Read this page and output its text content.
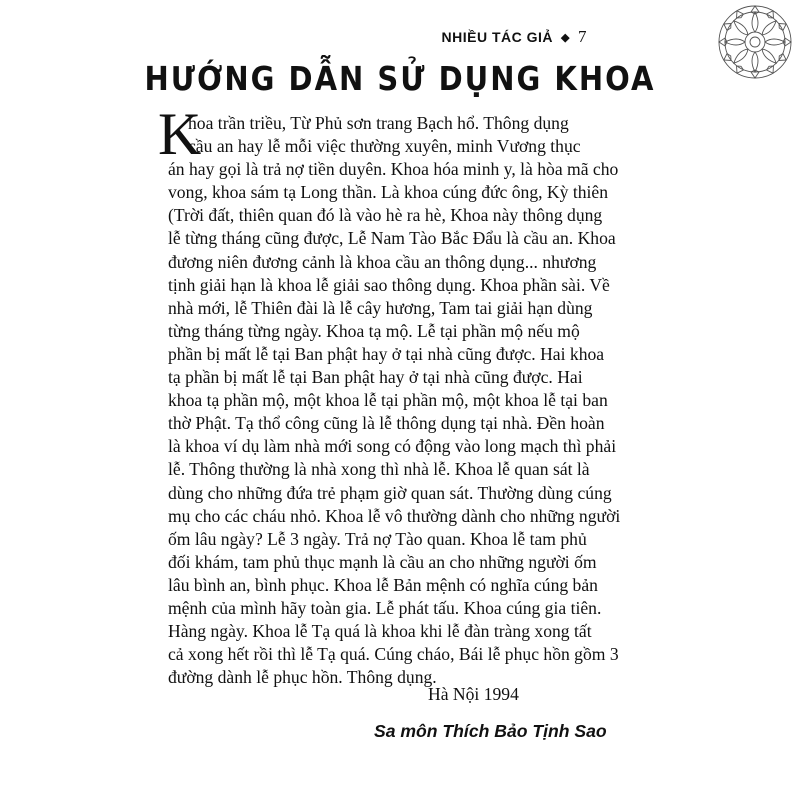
NHIỀU TÁC GIẢ ◆ 7
HƯỚNG DẪN SỬ DỤNG KHOA
K
hoa trần triều, Từ Phủ sơn trang Bạch hổ. Thông dụng
cầu an hay lễ mỗi việc thường xuyên, minh Vương thục
án hay gọi là trả nợ tiền duyên. Khoa hóa minh y, là hòa mã cho
vong, khoa sám tạ Long thần. Là khoa cúng đức ông, Kỳ thiên
(Trời đất, thiên quan đó là vào hè ra hè, Khoa này thông dụng
lễ từng tháng cũng được, Lễ Nam Tào Bắc Đẩu là cầu an. Khoa
đương niên đương cảnh là khoa cầu an thông dụng... nhương
tịnh giải hạn là khoa lễ giải sao thông dụng. Khoa phần sài. Về
nhà mới, lễ Thiên đài là lễ cây hương, Tam tai giải hạn dùng
từng tháng từng ngày. Khoa tạ mộ. Lễ tại phần mộ nếu mộ
phần bị mất lễ tại Ban phật hay ở tại nhà cũng được. Hai khoa
tạ phần bị mất lễ tại Ban phật hay ở tại nhà cũng được. Hai
khoa tạ phần mộ, một khoa lễ tại phần mộ, một khoa lễ tại ban
thờ Phật. Tạ thổ công cũng là lễ thông dụng tại nhà. Đền hoàn
là khoa ví dụ làm nhà mới song có động vào long mạch thì phải
lễ. Thông thường là nhà xong thì nhà lễ. Khoa lễ quan sát là
dùng cho những đứa trẻ phạm giờ quan sát. Thường dùng cúng
mụ cho các cháu nhỏ. Khoa lễ vô thường dành cho những người
ốm lâu ngày? Lễ 3 ngày. Trả nợ Tào quan. Khoa lễ tam phủ
đối khám, tam phủ thục mạnh là cầu an cho những người ốm
lâu bình an, bình phục. Khoa lễ Bản mệnh có nghĩa cúng bản
mệnh của mình hãy toàn gia. Lễ phát tấu. Khoa cúng gia tiên.
Hàng ngày. Khoa lễ Tạ quá là khoa khi lễ đàn tràng xong tất
cả xong hết rồi thì lễ Tạ quá. Cúng cháo, Bái lễ phục hồn gồm 3
đường dành lễ phục hồn. Thông dụng.
Hà Nội 1994
Sa môn Thích Bảo Tịnh Sao
